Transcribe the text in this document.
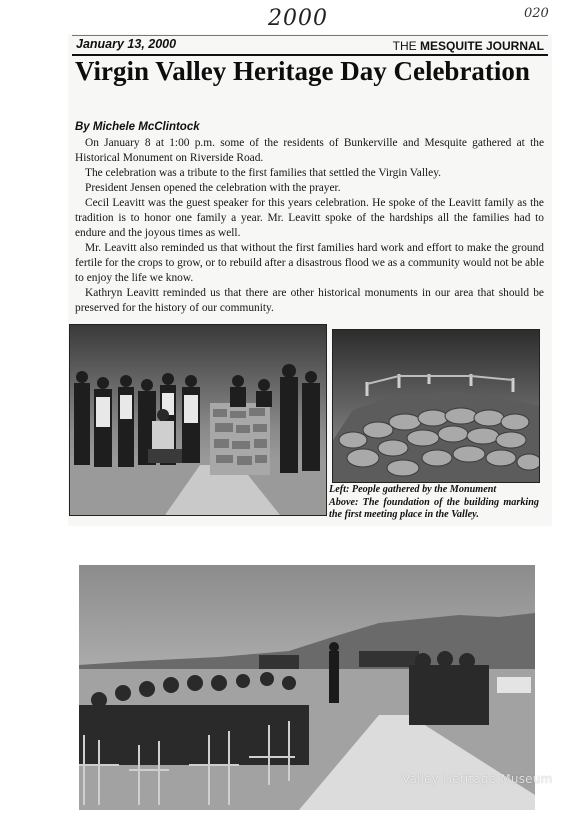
2000	020
January 13, 2000	THE MESQUITE JOURNAL
Virgin Valley Heritage Day Celebration
By Michele McClintock

On January 8 at 1:00 p.m. some of the residents of Bunkerville and Mesquite gathered at the Historical Monument on Riverside Road.

The celebration was a tribute to the first families that settled the Virgin Valley.

President Jensen opened the celebration with the prayer.

Cecil Leavitt was the guest speaker for this years celebration. He spoke of the Leavitt family as the tradition is to honor one family a year. Mr. Leavitt spoke of the hardships all the families had to endure and the joyous times as well.

Mr. Leavitt also reminded us that without the first families hard work and effort to make the ground fertile for the crops to grow, or to rebuild after a disastrous flood we as a community would not be able to enjoy the life we know.

Kathryn Leavitt reminded us that there are other historical monuments in our area that should be preserved for the history of our community.

Left: People gathered by the Monument
Above: The foundation of the building marking the first meeting place in the Valley.
Valley Heritage Museum
